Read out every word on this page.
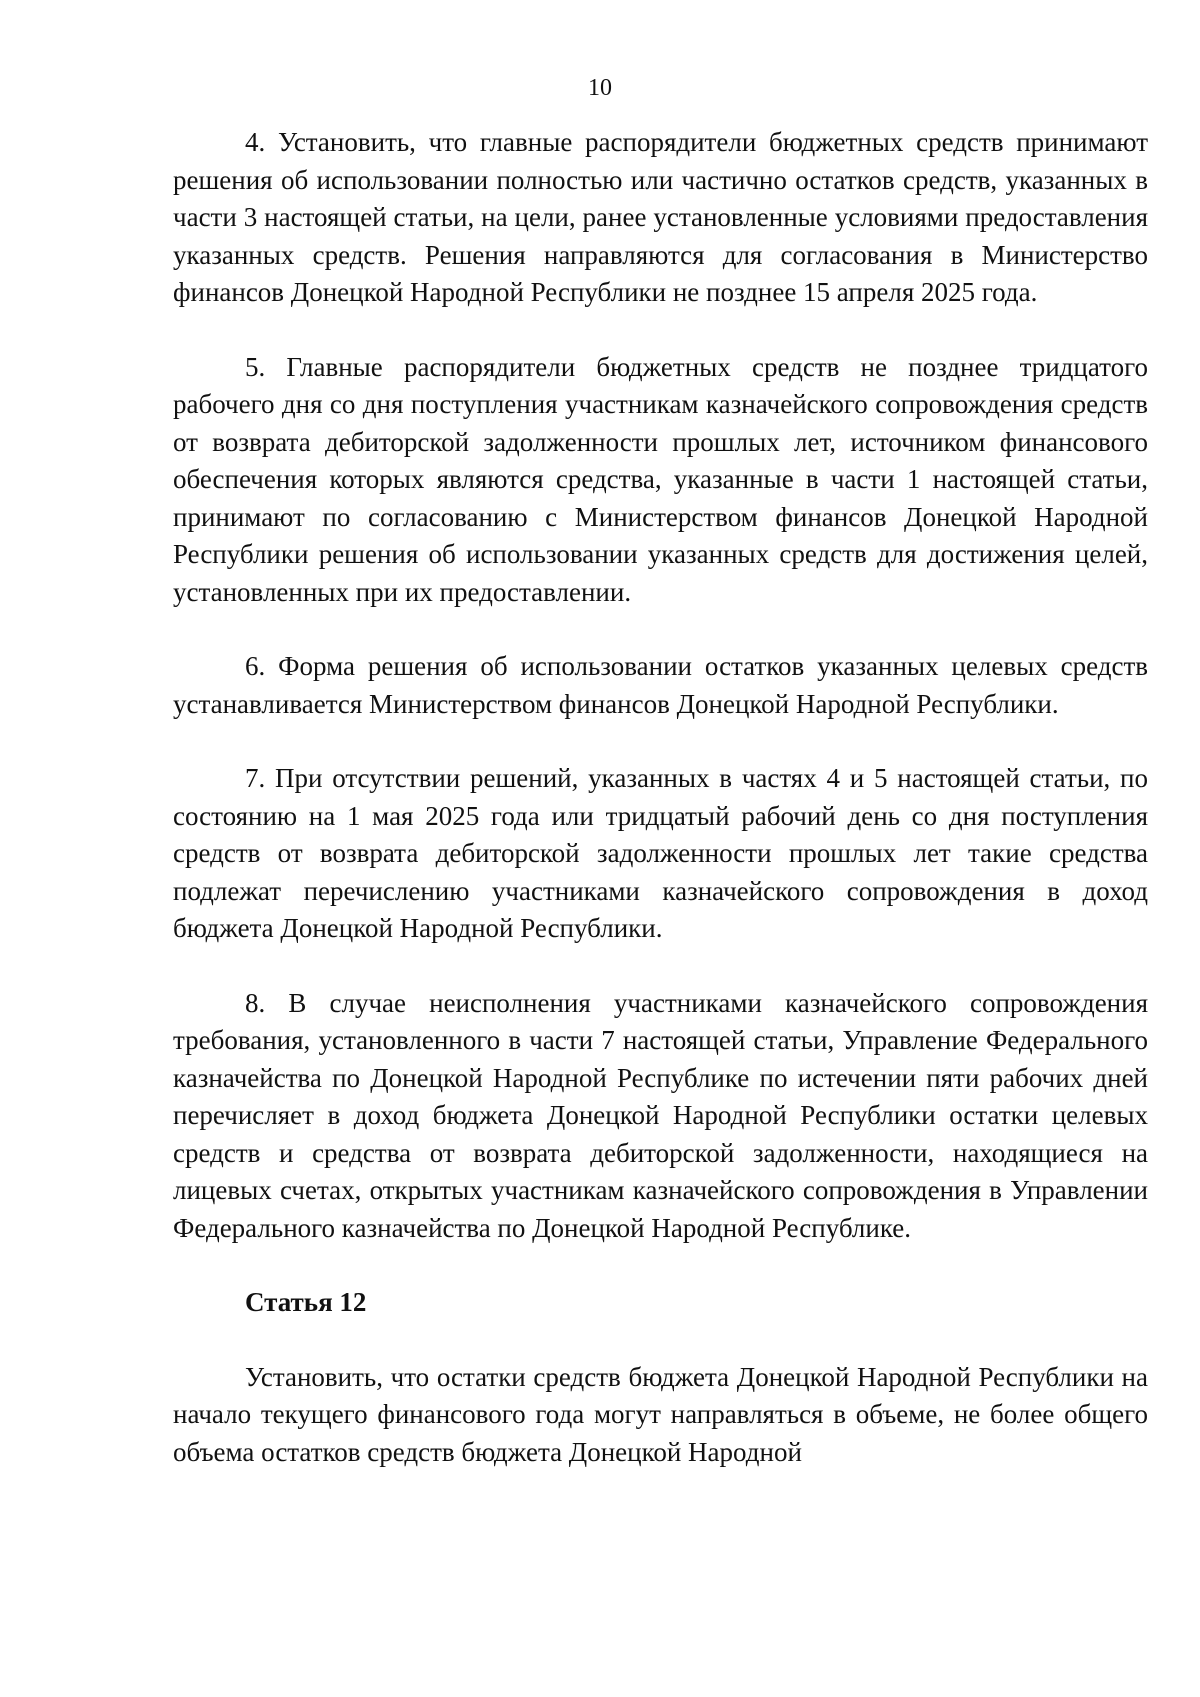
10

4. Установить, что главные распорядители бюджетных средств принимают решения об использовании полностью или частично остатков средств, указанных в части 3 настоящей статьи, на цели, ранее установленные условиями предоставления указанных средств. Решения направляются для согласования в Министерство финансов Донецкой Народной Республики не позднее 15 апреля 2025 года.

5. Главные распорядители бюджетных средств не позднее тридцатого рабочего дня со дня поступления участникам казначейского сопровождения средств от возврата дебиторской задолженности прошлых лет, источником финансового обеспечения которых являются средства, указанные в части 1 настоящей статьи, принимают по согласованию с Министерством финансов Донецкой Народной Республики решения об использовании указанных средств для достижения целей, установленных при их предоставлении.

6. Форма решения об использовании остатков указанных целевых средств устанавливается Министерством финансов Донецкой Народной Республики.

7. При отсутствии решений, указанных в частях 4 и 5 настоящей статьи, по состоянию на 1 мая 2025 года или тридцатый рабочий день со дня поступления средств от возврата дебиторской задолженности прошлых лет такие средства подлежат перечислению участниками казначейского сопровождения в доход бюджета Донецкой Народной Республики.

8. В случае неисполнения участниками казначейского сопровождения требования, установленного в части 7 настоящей статьи, Управление Федерального казначейства по Донецкой Народной Республике по истечении пяти рабочих дней перечисляет в доход бюджета Донецкой Народной Республики остатки целевых средств и средства от возврата дебиторской задолженности, находящиеся на лицевых счетах, открытых участникам казначейского сопровождения в Управлении Федерального казначейства по Донецкой Народной Республике.

Статья 12

Установить, что остатки средств бюджета Донецкой Народной Республики на начало текущего финансового года могут направляться в объеме, не более общего объема остатков средств бюджета Донецкой Народной
